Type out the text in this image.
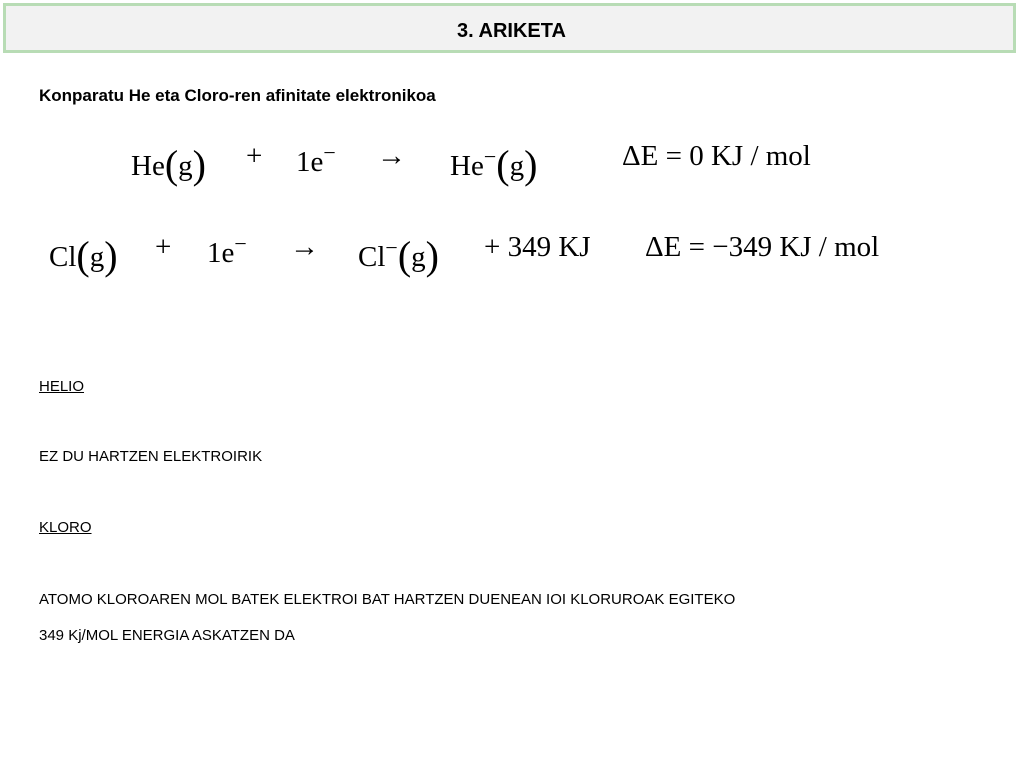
3. ARIKETA
Konparatu He eta Cloro-ren afinitate elektronikoa
He(g) + 1e− → He−(g)	ΔE = 0 KJ / mol
Cl(g) + 1e− → Cl−(g) + 349 KJ ΔE = −349 KJ / mol
HELIO
EZ DU HARTZEN ELEKTROIRIK
KLORO
ATOMO KLOROAREN MOL BATEK ELEKTROI BAT HARTZEN DUENEAN IOI KLORUROAK EGITEKO
349 Kj/MOL ENERGIA ASKATZEN DA
